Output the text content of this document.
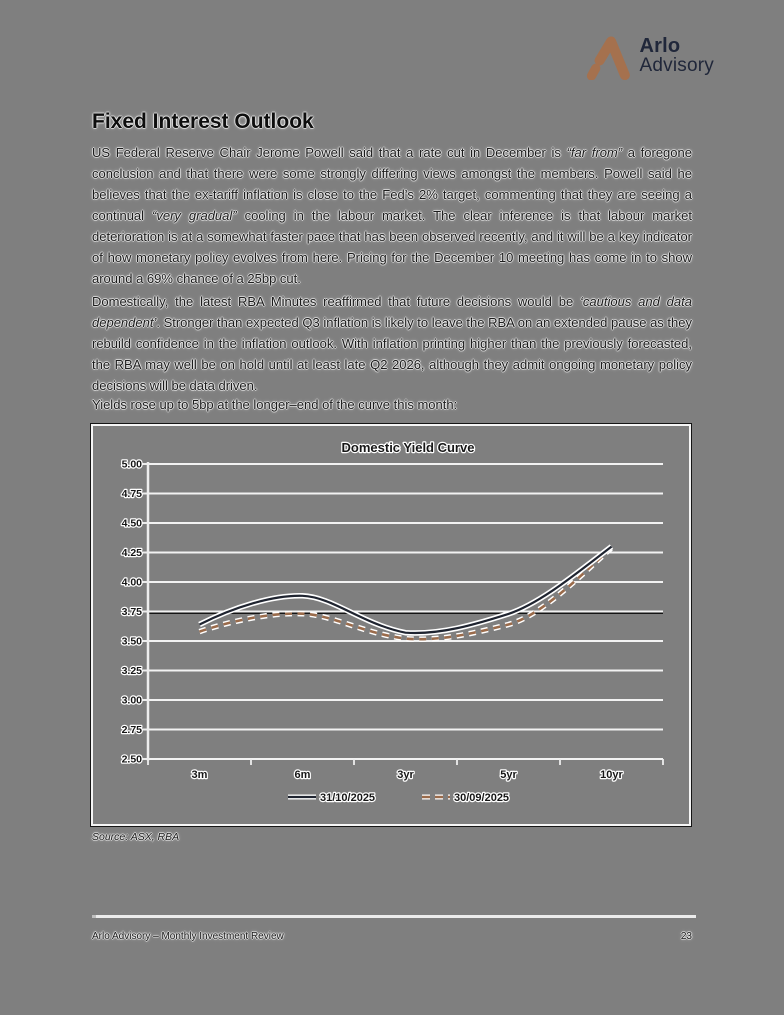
Arlo
Advisory
Fixed Interest Outlook
US Federal Reserve Chair Jerome Powell said that a rate cut in December is “far from” a foregone conclusion and that there were some strongly differing views amongst the members. Powell said he believes that the ex-tariff inflation is close to the Fed’s 2% target, commenting that they are seeing a continual “very gradual” cooling in the labour market. The clear inference is that labour market deterioration is at a somewhat faster pace that has been observed recently, and it will be a key indicator of how monetary policy evolves from here. Pricing for the December 10 meeting has come in to show around a 69% chance of a 25bp cut.
Domestically, the latest RBA Minutes reaffirmed that future decisions would be ‘cautious and data dependent’. Stronger than expected Q3 inflation is likely to leave the RBA on an extended pause as they rebuild confidence in the inflation outlook. With inflation printing higher than the previously forecasted, the RBA may well be on hold until at least late Q2 2026, although they admit ongoing monetary policy decisions will be data driven.
Yields rose up to 5bp at the longer–end of the curve this month:
Domestic Yield Curve
5.00
4.75
4.50
4.25
4.00
3.75
3.50
3.25
3.00
2.75
2.50
3m	6m	3yr	5yr	10yr
31/10/2025	30/09/2025
Source: ASX, RBA
Arlo Advisory – Monthly Investment Review	23
